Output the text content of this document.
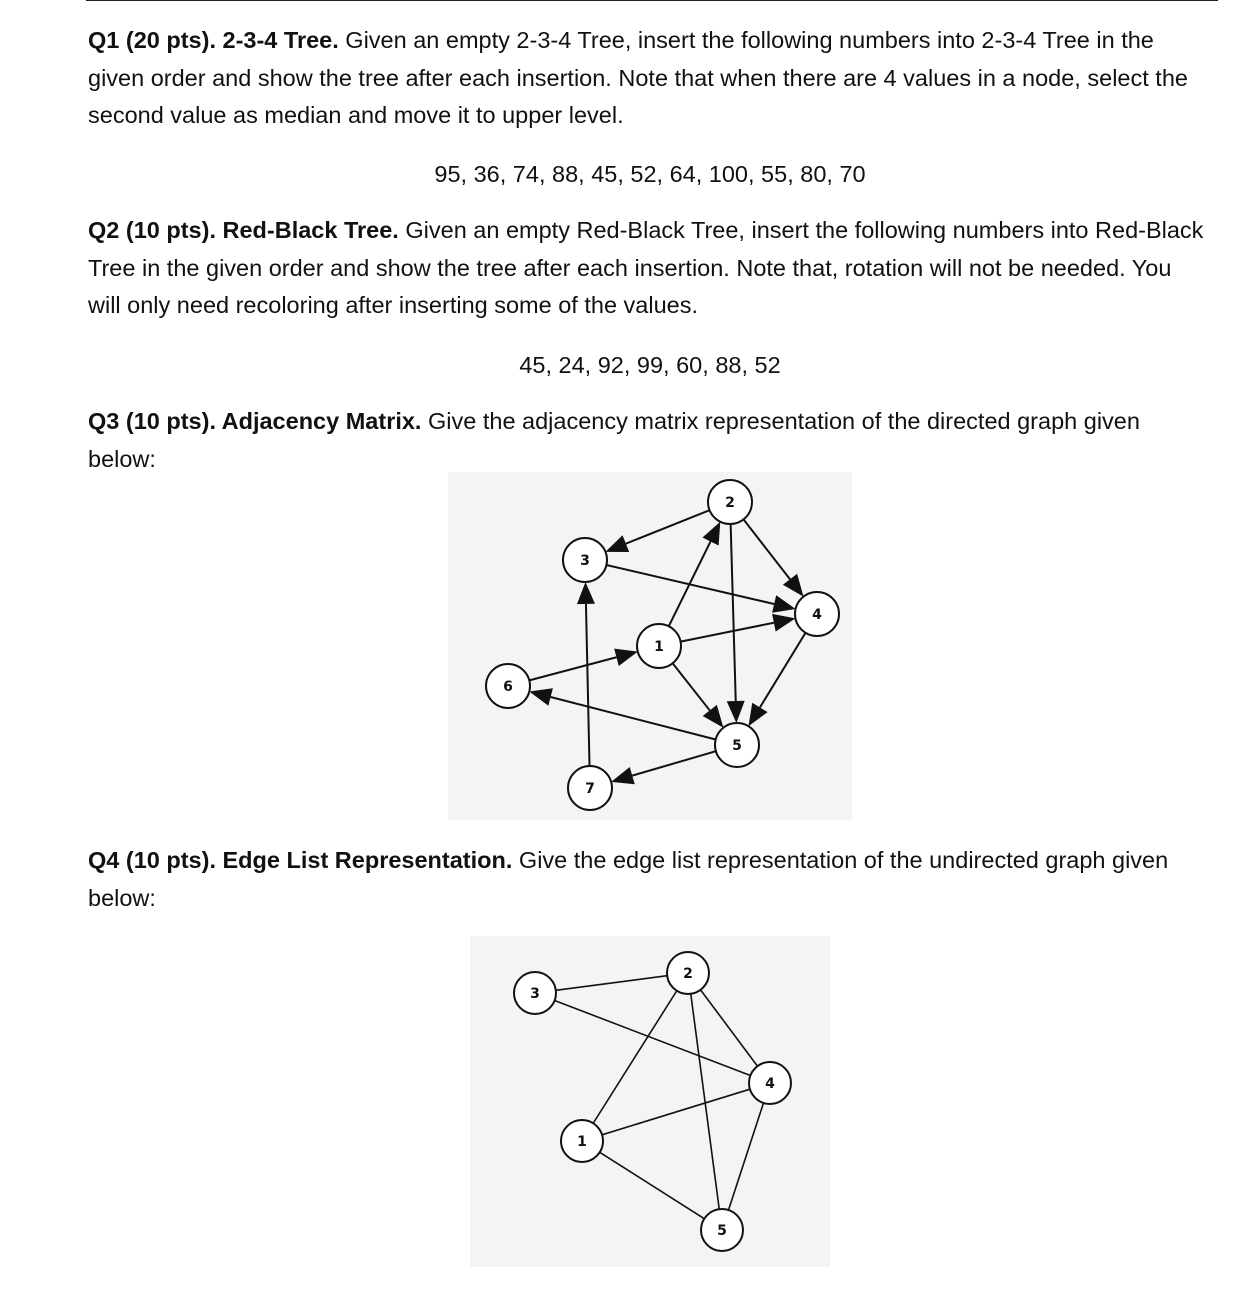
Q1 (20 pts). 2-3-4 Tree. Given an empty 2-3-4 Tree, insert the following numbers into 2-3-4 Tree in the given order and show the tree after each insertion. Note that when there are 4 values in a node, select the second value as median and move it to upper level.

95, 36, 74, 88, 45, 52, 64, 100, 55, 80, 70

Q2 (10 pts). Red-Black Tree. Given an empty Red-Black Tree, insert the following numbers into Red-Black Tree in the given order and show the tree after each insertion. Note that, rotation will not be needed. You will only need recoloring after inserting some of the values.

45, 24, 92, 99, 60, 88, 52

Q3 (10 pts). Adjacency Matrix. Give the adjacency matrix representation of the directed graph given below:

1
2
3
4
5
6
7

Q4 (10 pts). Edge List Representation. Give the edge list representation of the undirected graph given below:

1
2
3
4
5
